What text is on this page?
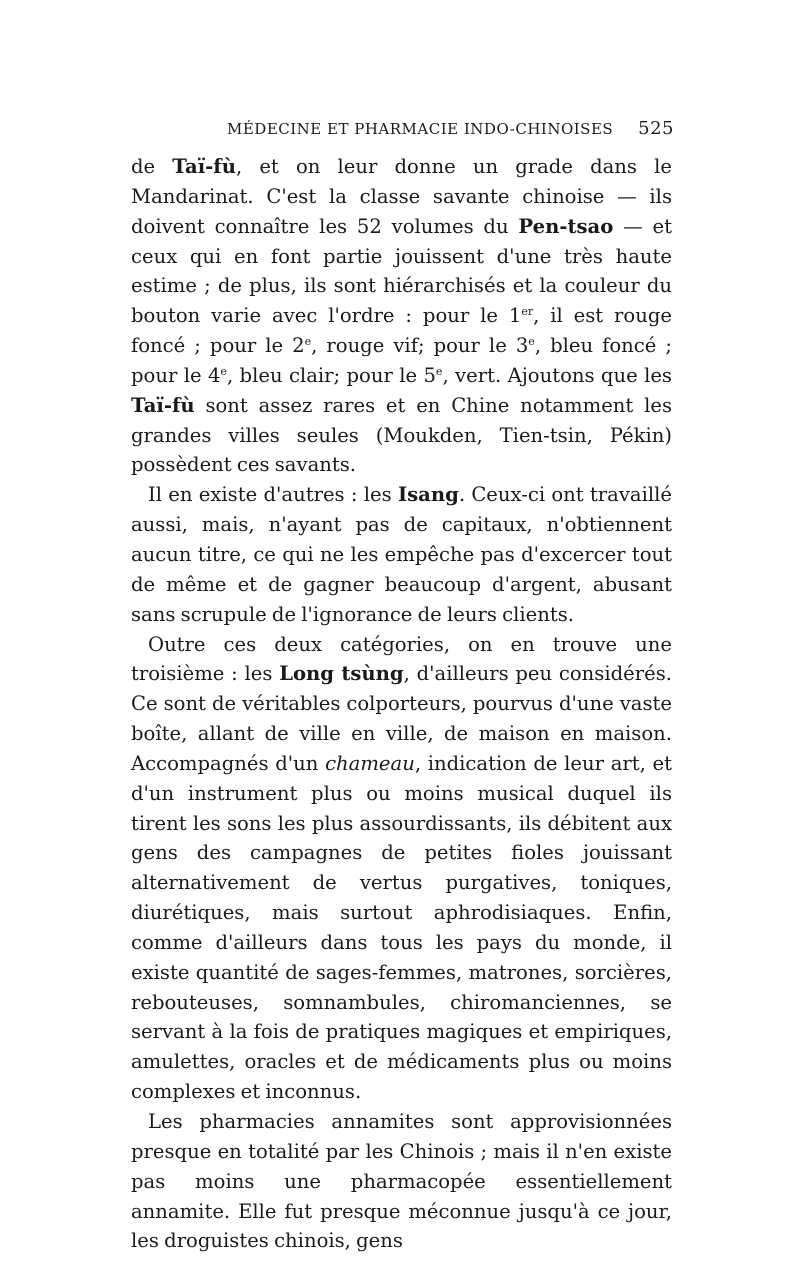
MÉDECINE ET PHARMACIE INDO-CHINOISES 525

de Taï-fù, et on leur donne un grade dans le Mandarinat. C'est la classe savante chinoise — ils doivent connaître les 52 volumes du Pen-tsao — et ceux qui en font partie jouissent d'une très haute estime ; de plus, ils sont hiérarchisés et la couleur du bouton varie avec l'ordre : pour le 1er, il est rouge foncé ; pour le 2e, rouge vif; pour le 3e, bleu foncé ; pour le 4e, bleu clair; pour le 5e, vert. Ajoutons que les Taï-fù sont assez rares et en Chine notamment les grandes villes seules (Moukden, Tien-tsin, Pékin) possèdent ces savants.

Il en existe d'autres : les Isang. Ceux-ci ont travaillé aussi, mais, n'ayant pas de capitaux, n'obtiennent aucun titre, ce qui ne les empêche pas d'excercer tout de même et de gagner beaucoup d'argent, abusant sans scrupule de l'ignorance de leurs clients.

Outre ces deux catégories, on en trouve une troisième : les Long tsùng, d'ailleurs peu considérés. Ce sont de véritables colporteurs, pourvus d'une vaste boîte, allant de ville en ville, de maison en maison. Accompagnés d'un chameau, indication de leur art, et d'un instrument plus ou moins musical duquel ils tirent les sons les plus assourdissants, ils débitent aux gens des campagnes de petites fioles jouissant alternativement de vertus purgatives, toniques, diurétiques, mais surtout aphrodisiaques. Enfin, comme d'ailleurs dans tous les pays du monde, il existe quantité de sages-femmes, matrones, sorcières, rebouteuses, somnambules, chiromanciennes, se servant à la fois de pratiques magiques et empiriques, amulettes, oracles et de médicaments plus ou moins complexes et inconnus.

Les pharmacies annamites sont approvisionnées presque en totalité par les Chinois ; mais il n'en existe pas moins une pharmacopée essentiellement annamite. Elle fut presque méconnue jusqu'à ce jour, les droguistes chinois, gens
